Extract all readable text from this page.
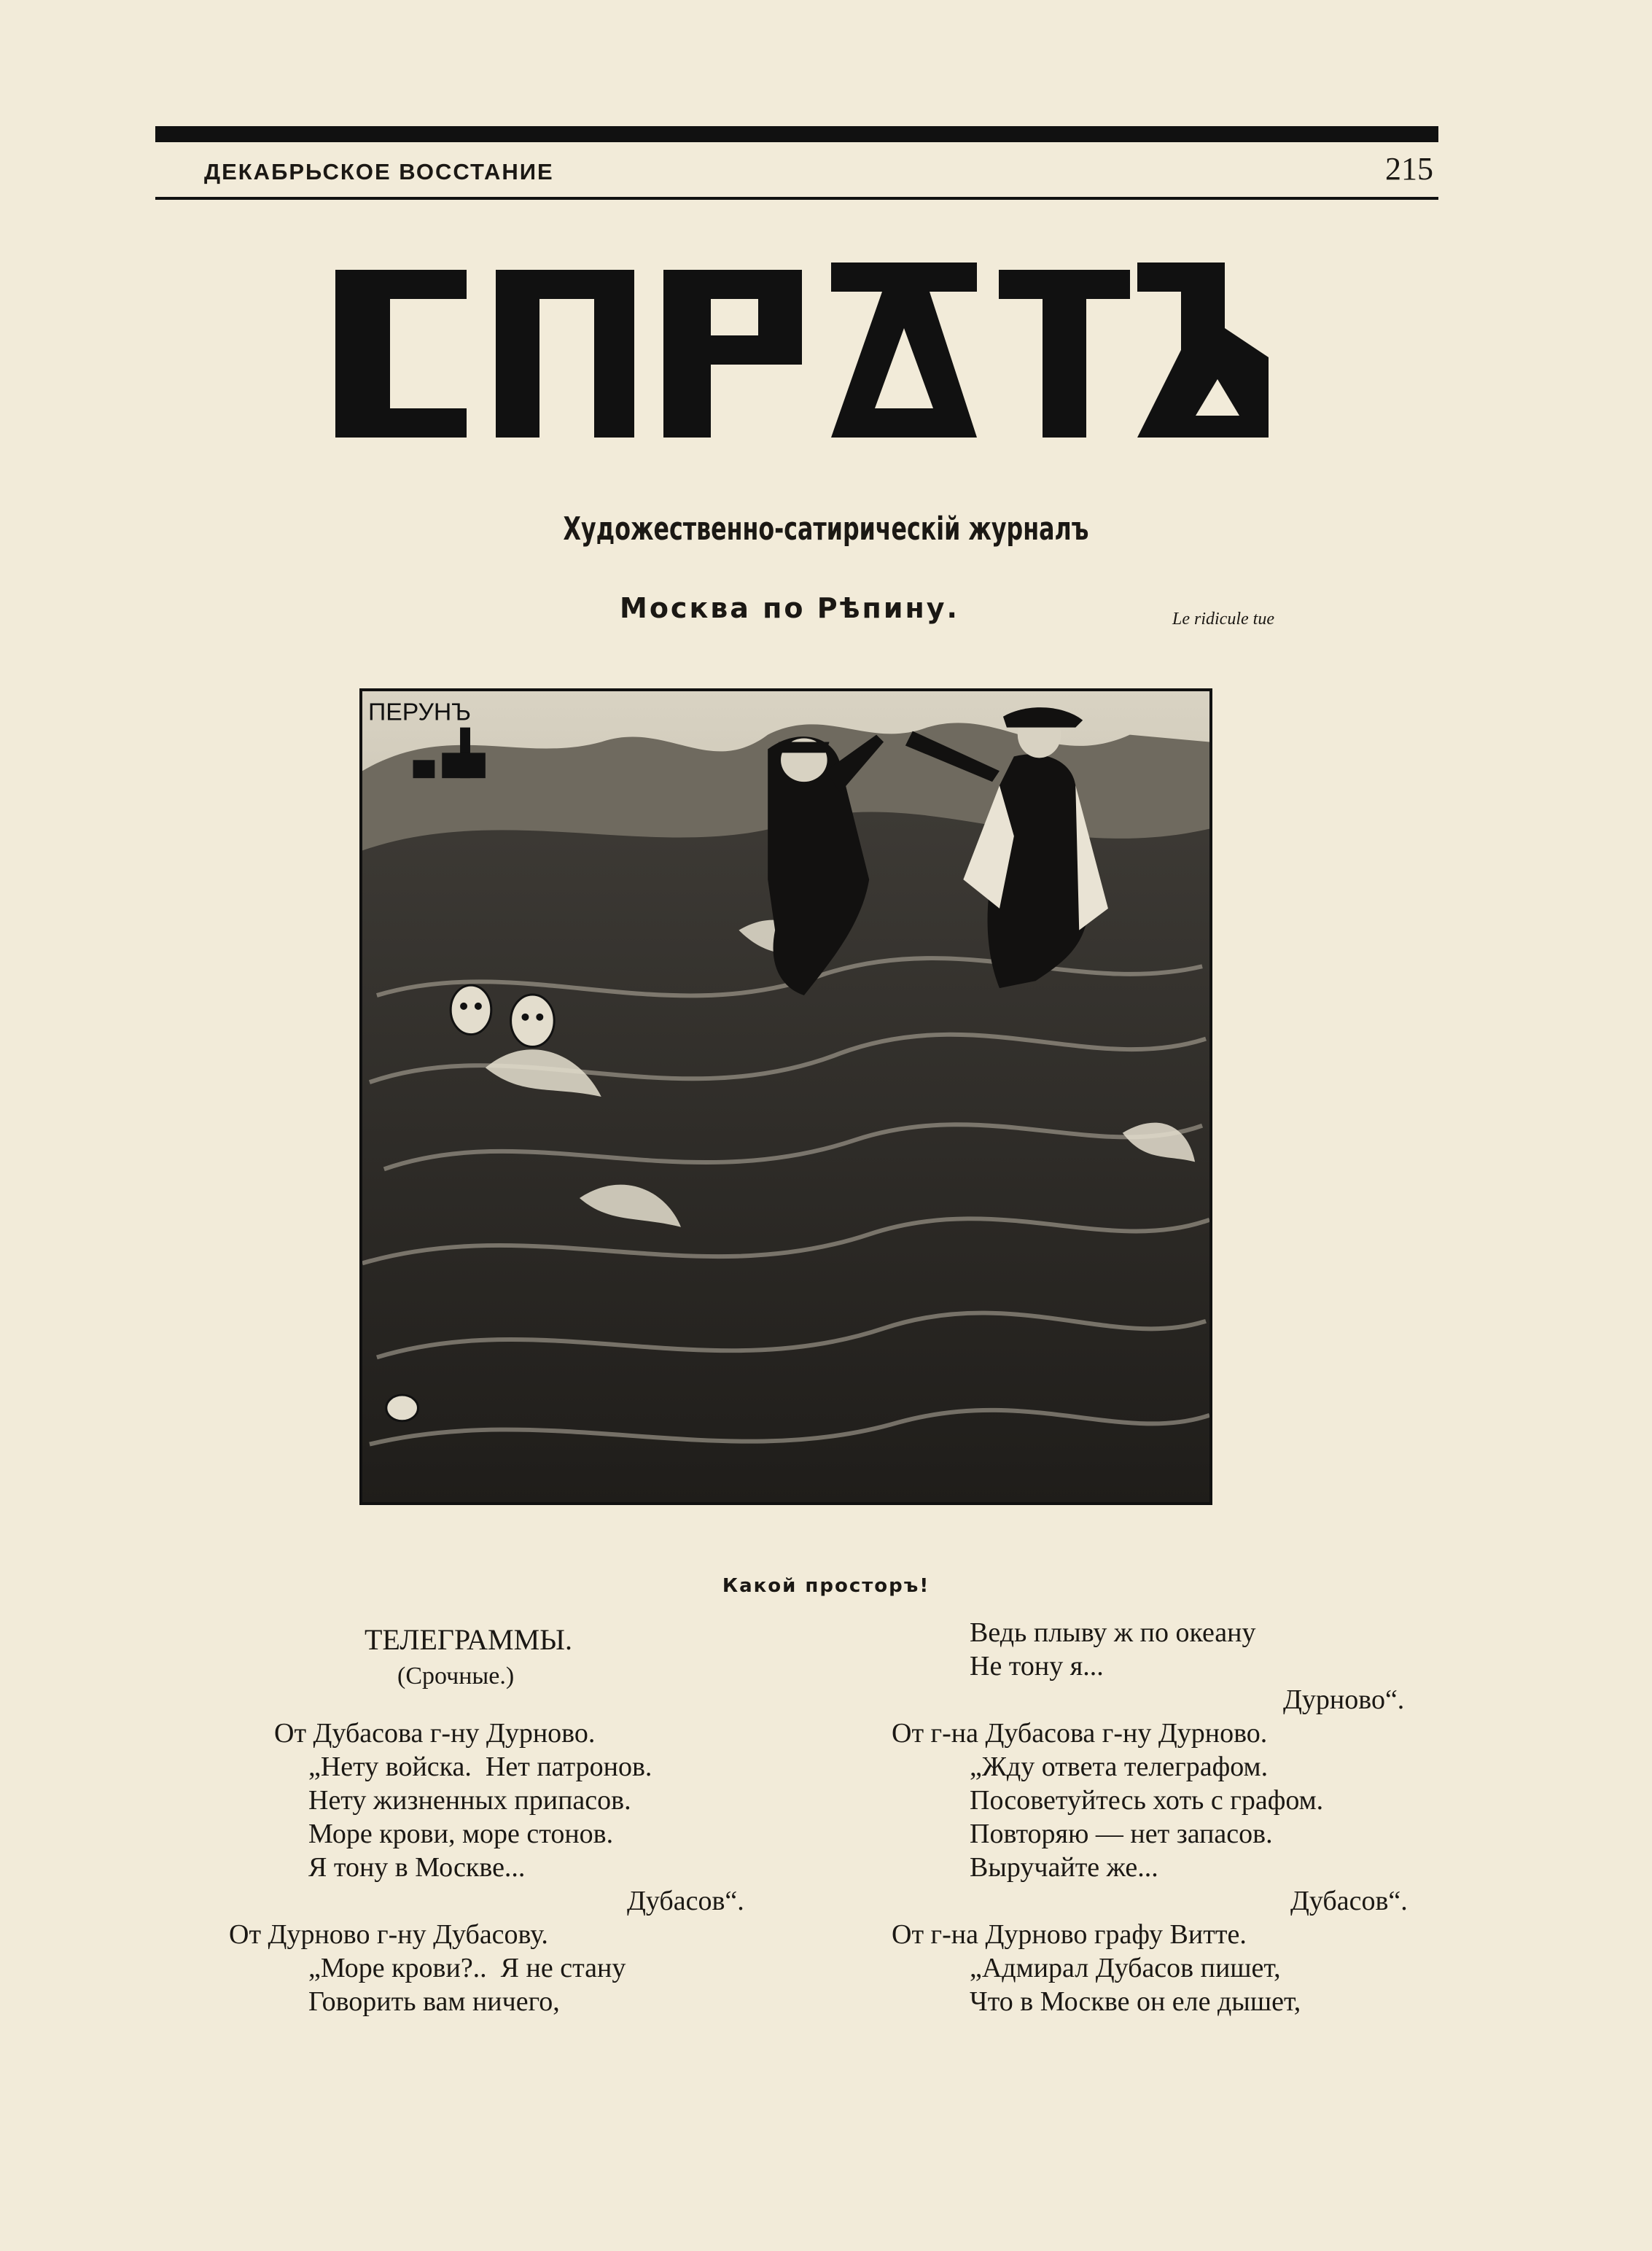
ДЕКАБРЬСКОЕ ВОССТАНИЕ	215
СПРУТЪ
Художественно-сатирическій журналъ
Москва по Рѣпину.	Le ridicule tue
ПЕРУНЪ
Какой просторъ!
ТЕЛЕГРАММЫ.
(Срочные.)
От Дубасова г-ну Дурново.
„Нету войска.  Нет патронов.
Нету жизненных припасов.
Море крови, море стонов.
Я тону в Москве...
Дубасов“.
От Дурново г-ну Дубасову.
„Море крови?..  Я не стану
Говорить вам ничего,
Ведь плыву ж по океану
Не тону я...
Дурново“.
От г-на Дубасова г-ну Дурново.
„Жду ответа телеграфом.
Посоветуйтесь хоть с графом.
Повторяю — нет запасов.
Выручайте же...
Дубасов“.
От г-на Дурново графу Витте.
„Адмирал Дубасов пишет,
Что в Москве он еле дышет,
